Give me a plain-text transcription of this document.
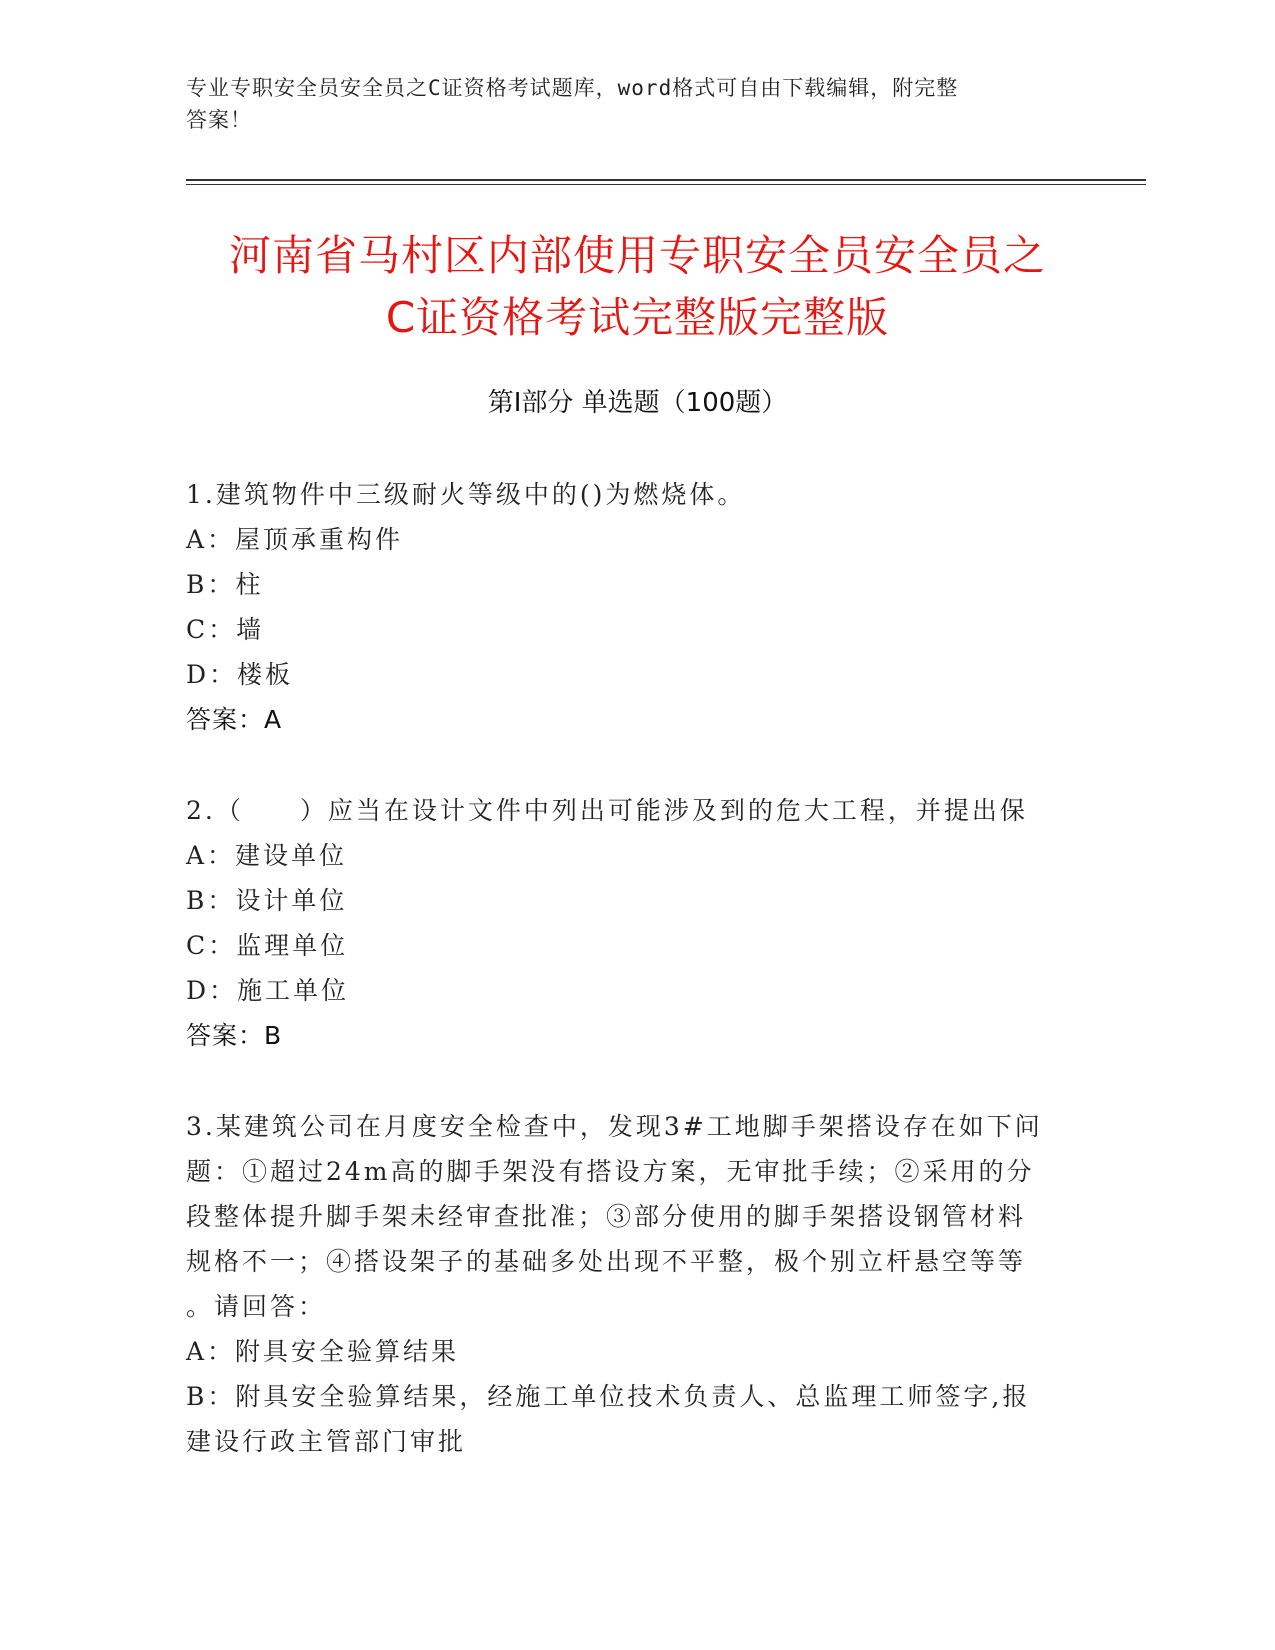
专业专职安全员安全员之C证资格考试题库，word格式可自由下载编辑，附完整
答案！
河南省马村区内部使用专职安全员安全员之
C证资格考试完整版完整版
第Ⅰ部分 单选题（100题）
1.建筑物件中三级耐火等级中的()为燃烧体。
A：屋顶承重构件
B：柱
C：墙
D：楼板
答案：A
2.（　　）应当在设计文件中列出可能涉及到的危大工程，并提出保
A：建设单位
B：设计单位
C：监理单位
D：施工单位
答案：B
3.某建筑公司在月度安全检查中，发现3#工地脚手架搭设存在如下问
题：①超过24m高的脚手架没有搭设方案，无审批手续；②采用的分
段整体提升脚手架未经审查批准；③部分使用的脚手架搭设钢管材料
规格不一；④搭设架子的基础多处出现不平整，极个别立杆悬空等等
。请回答：
A：附具安全验算结果
B：附具安全验算结果，经施工单位技术负责人、总监理工师签字,报
建设行政主管部门审批
